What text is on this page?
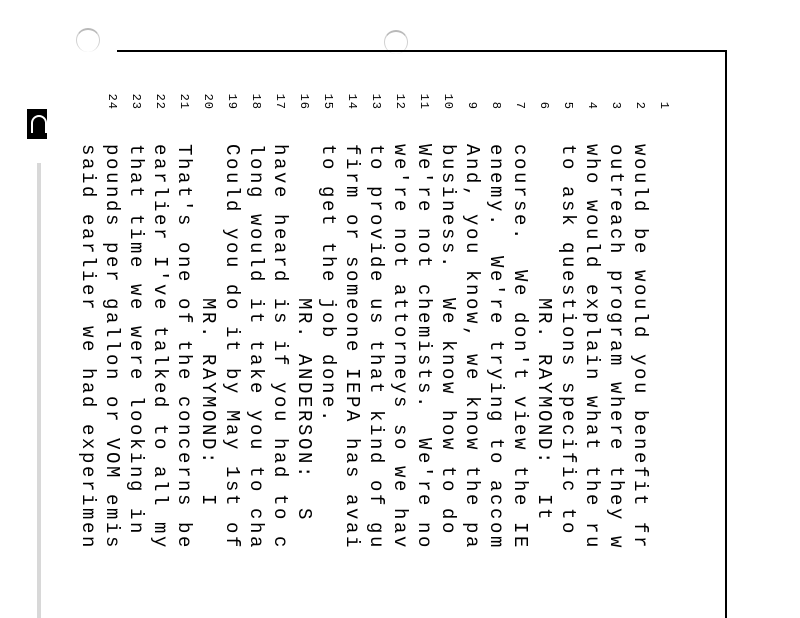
1

would be would you benefit fr

2

outreach program where they w

3

who would explain what the ru

4

to ask questions specific to

5

MR. RAYMOND:  It

6

course.  We don't view the IE

7

enemy.  We're trying to accom

8

And, you know, we know the pa

9

business.  We know how to do

10

We're not chemists.  We're no

11

we're not attorneys so we hav

12

to provide us that kind of gu

13

firm or someone IEPA has avai

14

to get the job done.

15

MR. ANDERSON:  S

16

have heard is if you had to c

17

long would it take you to cha

18

Could you do it by May 1st of

19

MR. RAYMOND:  I

20

That's one of the concerns be

21

earlier I've talked to all my

22

that time we were looking in

23

pounds per gallon or VOM emis

24

said earlier we had experimen
